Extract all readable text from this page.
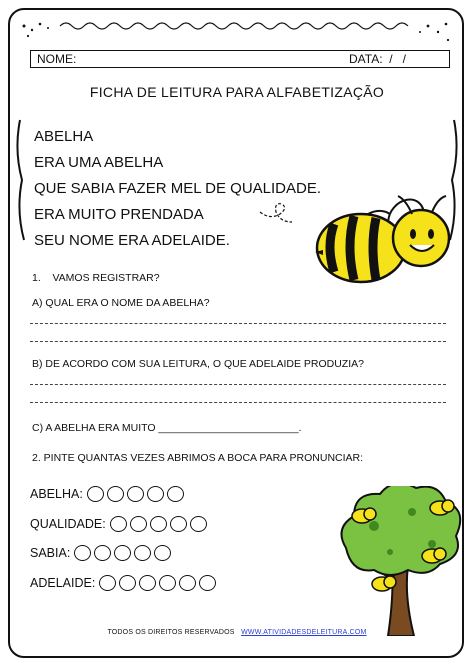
NOME:	DATA: /   /
FICHA DE LEITURA PARA ALFABETIZAÇÃO
ABELHA
ERA UMA ABELHA
QUE SABIA FAZER MEL DE QUALIDADE.
ERA MUITO PRENDADA
SEU NOME ERA ADELAIDE.
1. VAMOS REGISTRAR?
A) QUAL ERA O NOME DA ABELHA?
B) DE ACORDO COM SUA LEITURA, O QUE ADELAIDE PRODUZIA?
C) A ABELHA ERA MUITO ________________________.
2. PINTE QUANTAS VEZES ABRIMOS A BOCA PARA PRONUNCIAR:
ABELHA:
QUALIDADE:
SABIA:
ADELAIDE:
TODOS OS DIREITOS RESERVADOS WWW.ATIVIDADESDELEITURA.COM
